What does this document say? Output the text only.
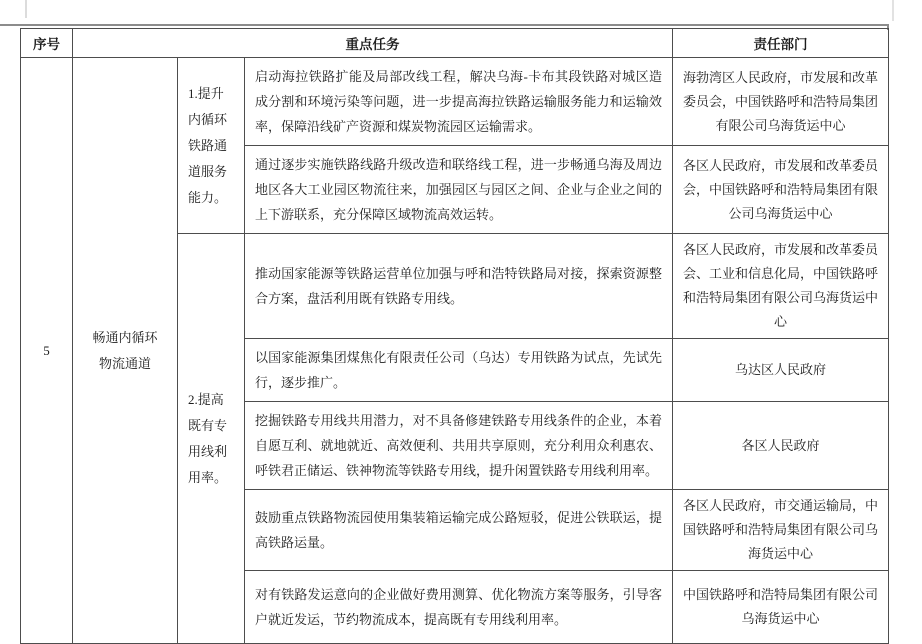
序号	重点任务			责任部门
5	畅通内循环物流通道	1.提升内循环铁路通道服务能力。	启动海拉铁路扩能及局部改线工程，解决乌海-卡布其段铁路对城区造成分割和环境污染等问题，进一步提高海拉铁路运输服务能力和运输效率，保障沿线矿产资源和煤炭物流园区运输需求。	海勃湾区人民政府，市发展和改革委员会，中国铁路呼和浩特局集团有限公司乌海货运中心
			通过逐步实施铁路线路升级改造和联络线工程，进一步畅通乌海及周边地区各大工业园区物流往来，加强园区与园区之间、企业与企业之间的上下游联系，充分保障区域物流高效运转。	各区人民政府，市发展和改革委员会，中国铁路呼和浩特局集团有限公司乌海货运中心
		2.提高既有专用线利用率。	推动国家能源等铁路运营单位加强与呼和浩特铁路局对接，探索资源整合方案，盘活利用既有铁路专用线。	各区人民政府，市发展和改革委员会、工业和信息化局，中国铁路呼和浩特局集团有限公司乌海货运中心
			以国家能源集团煤焦化有限责任公司（乌达）专用铁路为试点，先试先行，逐步推广。	乌达区人民政府
			挖掘铁路专用线共用潜力，对不具备修建铁路专用线条件的企业，本着自愿互利、就地就近、高效便利、共用共享原则，充分利用众利惠农、呼铁君正储运、铁神物流等铁路专用线，提升闲置铁路专用线利用率。	各区人民政府
			鼓励重点铁路物流园使用集装箱运输完成公路短驳，促进公铁联运，提高铁路运量。	各区人民政府，市交通运输局，中国铁路呼和浩特局集团有限公司乌海货运中心
			对有铁路发运意向的企业做好费用测算、优化物流方案等服务，引导客户就近发运，节约物流成本，提高既有专用线利用率。	中国铁路呼和浩特局集团有限公司乌海货运中心
